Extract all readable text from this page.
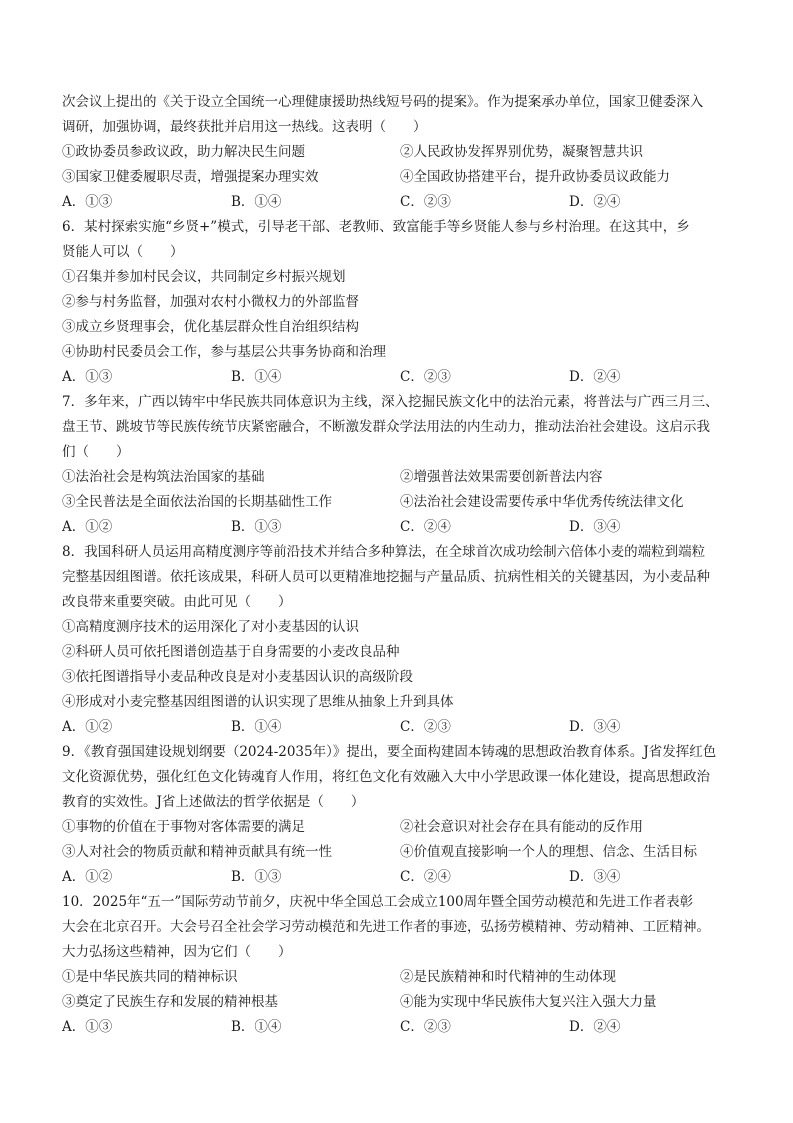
次会议上提出的《关于设立全国统一心理健康援助热线短号码的提案》。作为提案承办单位，国家卫健委深入
调研，加强协调，最终获批并启用这一热线。这表明（　　）
①政协委员参政议政，助力解决民生问题	②人民政协发挥界别优势，凝聚智慧共识
③国家卫健委履职尽责，增强提案办理实效	④全国政协搭建平台，提升政协委员议政能力
A．①③	B．①④	C．②③	D．②④
6．某村探索实施“乡贤+”模式，引导老干部、老教师、致富能手等乡贤能人参与乡村治理。在这其中，乡
贤能人可以（　　）
①召集并参加村民会议，共同制定乡村振兴规划
②参与村务监督，加强对农村小微权力的外部监督
③成立乡贤理事会，优化基层群众性自治组织结构
④协助村民委员会工作，参与基层公共事务协商和治理
A．①③	B．①④	C．②③	D．②④
7．多年来，广西以铸牢中华民族共同体意识为主线，深入挖掘民族文化中的法治元素，将普法与广西三月三、
盘王节、跳坡节等民族传统节庆紧密融合，不断激发群众学法用法的内生动力，推动法治社会建设。这启示我
们（　　）
①法治社会是构筑法治国家的基础	②增强普法效果需要创新普法内容
③全民普法是全面依法治国的长期基础性工作	④法治社会建设需要传承中华优秀传统法律文化
A．①②	B．①③	C．②④	D．③④
8．我国科研人员运用高精度测序等前沿技术并结合多种算法，在全球首次成功绘制六倍体小麦的端粒到端粒
完整基因组图谱。依托该成果，科研人员可以更精准地挖掘与产量品质、抗病性相关的关键基因，为小麦品种
改良带来重要突破。由此可见（　　）
①高精度测序技术的运用深化了对小麦基因的认识
②科研人员可依托图谱创造基于自身需要的小麦改良品种
③依托图谱指导小麦品种改良是对小麦基因认识的高级阶段
④形成对小麦完整基因组图谱的认识实现了思维从抽象上升到具体
A．①②	B．①④	C．②③	D．③④
9．《教育强国建设规划纲要（2024-2035年）》提出，要全面构建固本铸魂的思想政治教育体系。J省发挥红色
文化资源优势，强化红色文化铸魂育人作用，将红色文化有效融入大中小学思政课一体化建设，提高思想政治
教育的实效性。J省上述做法的哲学依据是（　　）
①事物的价值在于事物对客体需要的满足	②社会意识对社会存在具有能动的反作用
③人对社会的物质贡献和精神贡献具有统一性	④价值观直接影响一个人的理想、信念、生活目标
A．①②	B．①③	C．②④	D．③④
10．2025年“五一”国际劳动节前夕，庆祝中华全国总工会成立100周年暨全国劳动模范和先进工作者表彰
大会在北京召开。大会号召全社会学习劳动模范和先进工作者的事迹，弘扬劳模精神、劳动精神、工匠精神。
大力弘扬这些精神，因为它们（　　）
①是中华民族共同的精神标识	②是民族精神和时代精神的生动体现
③奠定了民族生存和发展的精神根基	④能为实现中华民族伟大复兴注入强大力量
A．①③	B．①④	C．②③	D．②④
